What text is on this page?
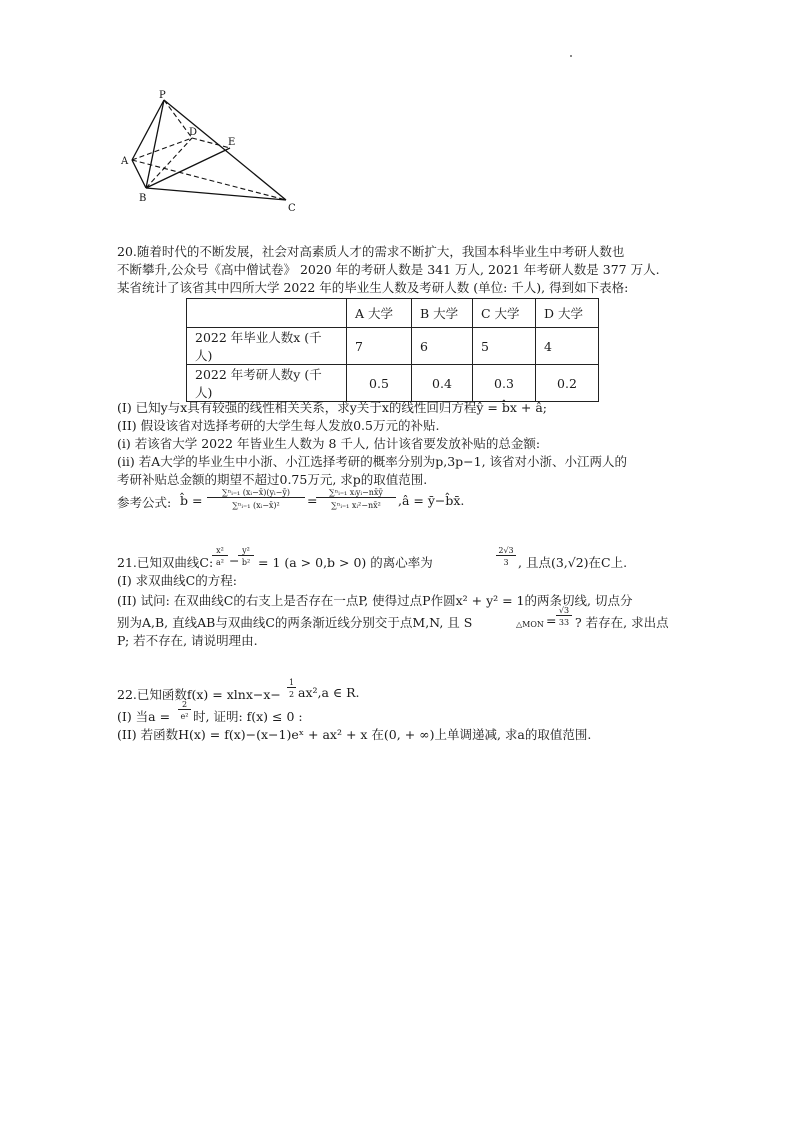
P
A
B
C
D
E
20.随着时代的不断发展，社会对高素质人才的需求不断扩大，我国本科毕业生中考研人数也
不断攀升,公众号《高中僧试卷》 2020 年的考研人数是 341 万人, 2021 年考研人数是 377 万人.
某省统计了该省其中四所大学 2022 年的毕业生人数及考研人数 (单位: 千人), 得到如下表格:
	A 大学	B 大学	C 大学	D 大学
2022 年毕业人数x (千人)	7	6	5	4
2022 年考研人数y (千人)	0.5	0.4	0.3	0.2
(I) 已知y与x具有较强的线性相关关系，求y关于x的线性回归方程ŷ = b̂x + â;
(II) 假设该省对选择考研的大学生每人发放0.5万元的补贴.
(i) 若该省大学 2022 年皆业生人数为 8 千人, 估计该省要发放补贴的总金额:
(ii) 若A大学的毕业生中小浙、小江选择考研的概率分别为p,3p−1, 该省对小浙、小江两人的
考研补贴总金额的期望不超过0.75万元, 求p的取值范围.
参考公式: b̂ =
∑ⁿᵢ₌₁ (xᵢ−x̄)(yᵢ−ȳ)
∑ⁿᵢ₌₁ (xᵢ−x̄)²	=
∑ⁿᵢ₌₁ xᵢyᵢ−nx̄ȳ
∑ⁿᵢ₌₁ xᵢ²−nx̄²	,â = ȳ−b̂x̄.
21.已知双曲线C:
x²
a² −
y²
b² = 1 (a > 0,b > 0) 的离心率为
2√3
3 , 且点(3,√2)在C上.
(I) 求双曲线C的方程:
(II) 试问: 在双曲线C的右支上是否存在一点P, 使得过点P作圆x² + y² = 1的两条切线, 切点分
别为A,B, 直线AB与双曲线C的两条渐近线分别交于点M,N, 且 S	△MON =
√3
33 ? 若存在, 求出点
P; 若不存在, 请说明理由.
22.已知函数f(x) = xlnx−x−
1
2 ax²,a ∈ R.
(I) 当a =
2
e² 时, 证明: f(x) ≤ 0 :
(II) 若函数H(x) = f(x)−(x−1)eˣ + ax² + x 在(0, + ∞)上单调递减, 求a的取值范围.
